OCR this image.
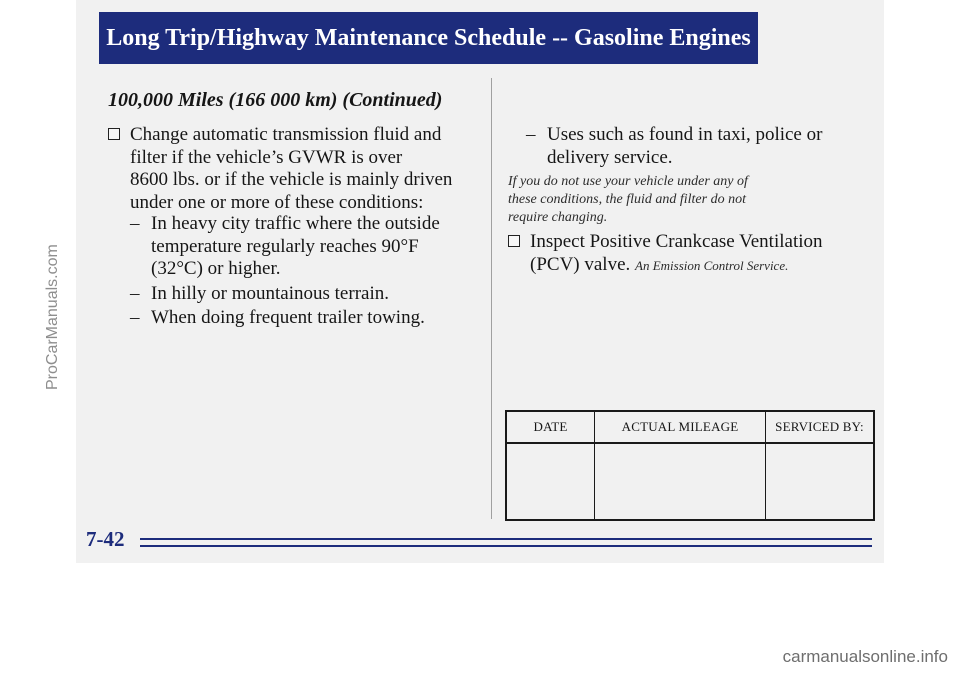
Long Trip/Highway Maintenance Schedule -- Gasoline Engines
100,000 Miles (166 000 km) (Continued)
Change automatic transmission fluid and
filter if the vehicle’s GVWR is over
8600 lbs. or if the vehicle is mainly driven
under one or more of these conditions:
– In heavy city traffic where the outside
temperature regularly reaches 90°F
(32°C) or higher.
– In hilly or mountainous terrain.
– When doing frequent trailer towing.
– Uses such as found in taxi, police or
delivery service.
If you do not use your vehicle under any of
these conditions, the fluid and filter do not
require changing.
Inspect Positive Crankcase Ventilation
(PCV) valve. An Emission Control Service.
DATE	ACTUAL MILEAGE	SERVICED BY:
7-42
ProCarManuals.com
carmanualsonline.info
